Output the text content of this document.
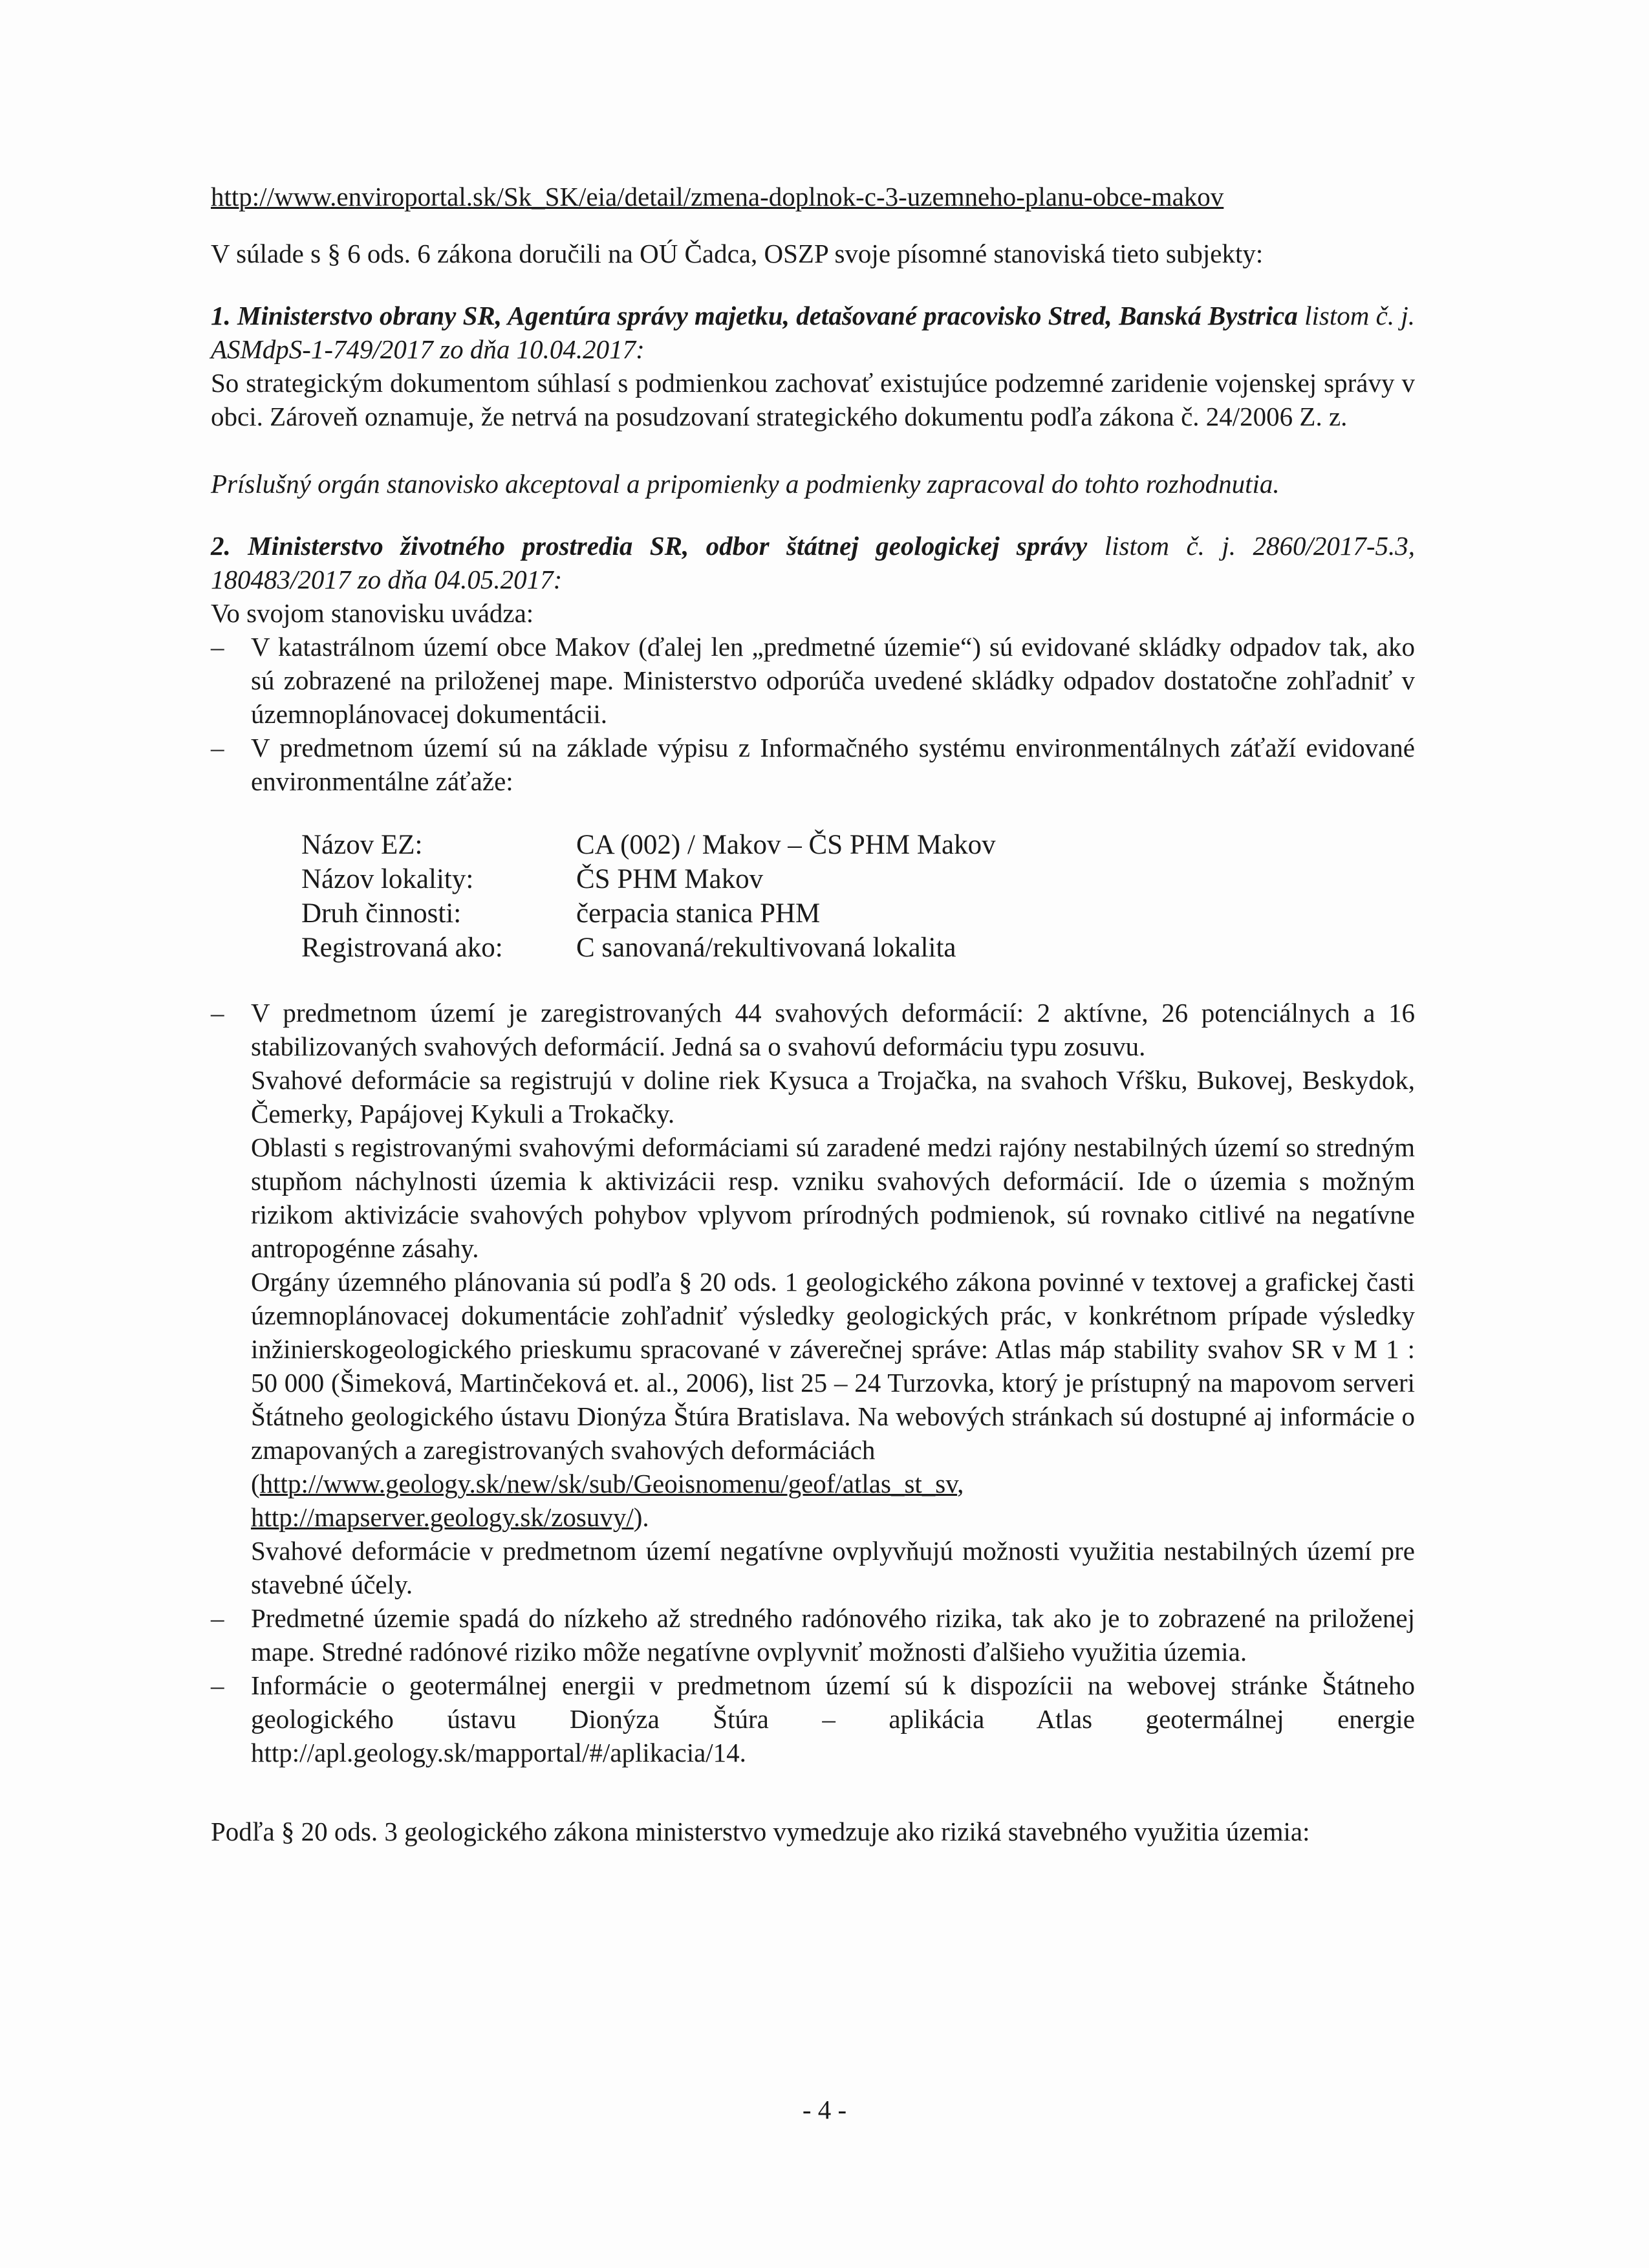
http://www.enviroportal.sk/Sk_SK/eia/detail/zmena-doplnok-c-3-uzemneho-planu-obce-makov

V súlade s § 6 ods. 6 zákona doručili na OÚ Čadca, OSZP svoje písomné stanoviská tieto subjekty:

1. Ministerstvo obrany SR, Agentúra správy majetku, detašované pracovisko Stred, Banská Bystrica listom č. j. ASMdpS-1-749/2017 zo dňa 10.04.2017:

So strategickým dokumentom súhlasí s podmienkou zachovať existujúce podzemné zaridenie vojenskej správy v obci. Zároveň oznamuje, že netrvá na posudzovaní strategického dokumentu podľa zákona č. 24/2006 Z. z.

Príslušný orgán stanovisko akceptoval a pripomienky a podmienky zapracoval do tohto rozhodnutia.

2. Ministerstvo životného prostredia SR, odbor štátnej geologickej správy listom č. j. 2860/2017-5.3, 180483/2017 zo dňa 04.05.2017:

Vo svojom stanovisku uvádza:

– V katastrálnom území obce Makov (ďalej len „predmetné územie“) sú evidované skládky odpadov tak, ako sú zobrazené na priloženej mape. Ministerstvo odporúča uvedené skládky odpadov dostatočne zohľadniť v územnoplánovacej dokumentácii.
– V predmetnom území sú na základe výpisu z Informačného systému environmentálnych záťaží evidované environmentálne záťaže:
Názov EZ:	CA (002) / Makov – ČS PHM Makov
Názov lokality:	ČS PHM Makov
Druh činnosti:	čerpacia stanica PHM
Registrovaná ako:	C sanovaná/rekultivovaná lokalita

– V predmetnom území je zaregistrovaných 44 svahových deformácií: 2 aktívne, 26 potenciálnych a 16 stabilizovaných svahových deformácií. Jedná sa o svahovú deformáciu typu zosuvu.

Svahové deformácie sa registrujú v doline riek Kysuca a Trojačka, na svahoch Vŕšku, Bukovej, Beskydok, Čemerky, Papájovej Kykuli a Trokačky.

Oblasti s registrovanými svahovými deformáciami sú zaradené medzi rajóny nestabilných území so stredným stupňom náchylnosti územia k aktivizácii resp. vzniku svahových deformácií. Ide o územia s možným rizikom aktivizácie svahových pohybov vplyvom prírodných podmienok, sú rovnako citlivé na negatívne antropogénne zásahy.

Orgány územného plánovania sú podľa § 20 ods. 1 geologického zákona povinné v textovej a grafickej časti územnoplánovacej dokumentácie zohľadniť výsledky geologických prác, v konkrétnom prípade výsledky inžinierskogeologického prieskumu spracované v záverečnej správe: Atlas máp stability svahov SR v M 1 : 50 000 (Šimeková, Martinčeková et. al., 2006), list 25 – 24 Turzovka, ktorý je prístupný na mapovom serveri Štátneho geologického ústavu Dionýza Štúra Bratislava. Na webových stránkach sú dostupné aj informácie o zmapovaných a zaregistrovaných svahových deformáciách

(http://www.geology.sk/new/sk/sub/Geoisnomenu/geof/atlas_st_sv,

http://mapserver.geology.sk/zosuvy/).

Svahové deformácie v predmetnom území negatívne ovplyvňujú možnosti využitia nestabilných území pre stavebné účely.

– Predmetné územie spadá do nízkeho až stredného radónového rizika, tak ako je to zobrazené na priloženej mape. Stredné radónové riziko môže negatívne ovplyvniť možnosti ďalšieho využitia územia.
– Informácie o geotermálnej energii v predmetnom území sú k dispozícii na webovej stránke Štátneho geologického ústavu Dionýza Štúra – aplikácia Atlas geotermálnej energie http://apl.geology.sk/mapportal/#/aplikacia/14.

Podľa § 20 ods. 3 geologického zákona ministerstvo vymedzuje ako riziká stavebného využitia územia:

- 4 -
